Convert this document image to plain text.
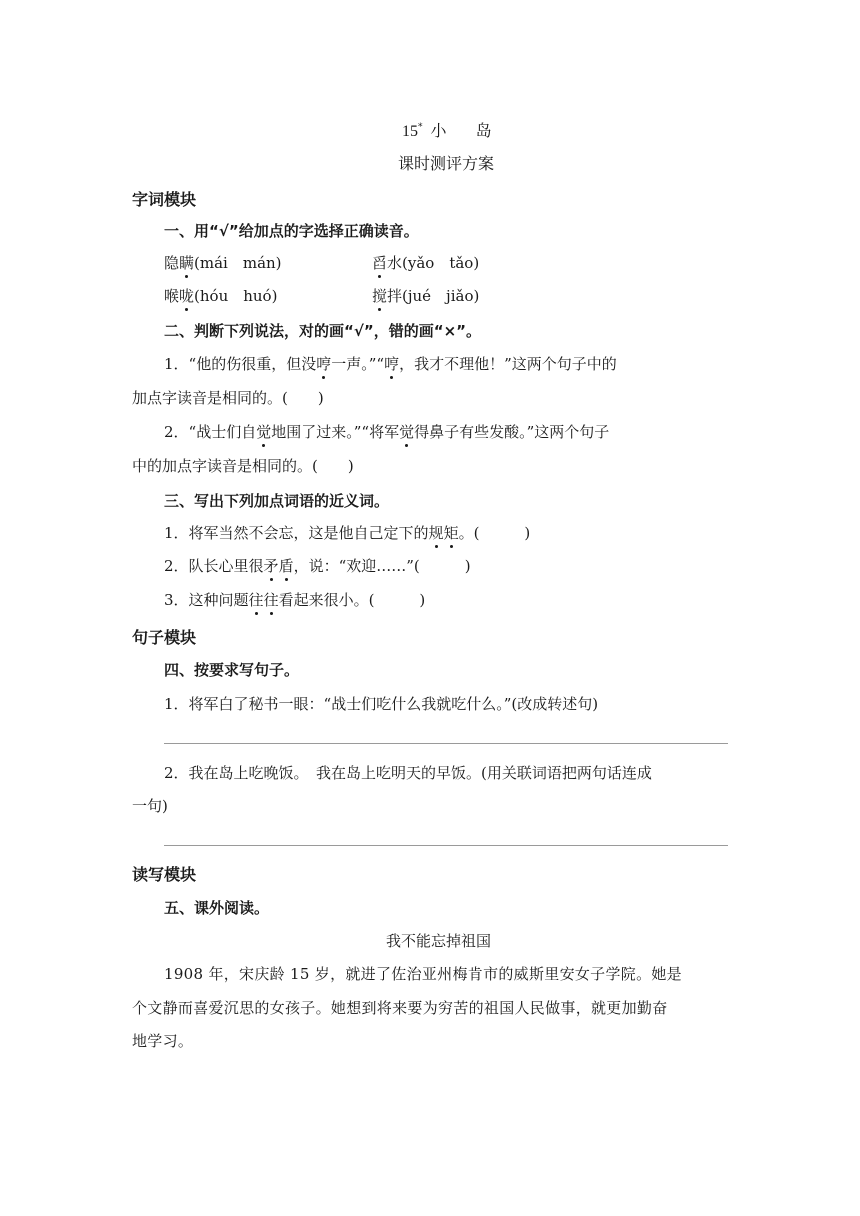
15* 小 岛
课时测评方案
字词模块
一、用“√”给加点的字选择正确读音。
隐瞒(mái　mán)	舀水(yǎo　tǎo)
喉咙(hóu　huó)	搅拌(jué　jiǎo)
二、判断下列说法，对的画“√”，错的画“×”。
1．“他的伤很重，但没哼一声。”“哼，我才不理他！”这两个句子中的
加点字读音是相同的。(　　)
2．“战士们自觉地围了过来。”“将军觉得鼻子有些发酸。”这两个句子
中的加点字读音是相同的。(　　)
三、写出下列加点词语的近义词。
1．将军当然不会忘，这是他自己定下的规矩。(　　　)
2．队长心里很矛盾，说：“欢迎……”(　　　)
3．这种问题往往看起来很小。(　　　)
句子模块
四、按要求写句子。
1．将军白了秘书一眼：“战士们吃什么我就吃什么。”(改成转述句)
2．我在岛上吃晚饭。　我在岛上吃明天的早饭。(用关联词语把两句话连成
一句)
读写模块
五、课外阅读。
我不能忘掉祖国
1908 年，宋庆龄 15 岁，就进了佐治亚州梅肯市的威斯里安女子学院。她是
个文静而喜爱沉思的女孩子。她想到将来要为穷苦的祖国人民做事，就更加勤奋
地学习。
